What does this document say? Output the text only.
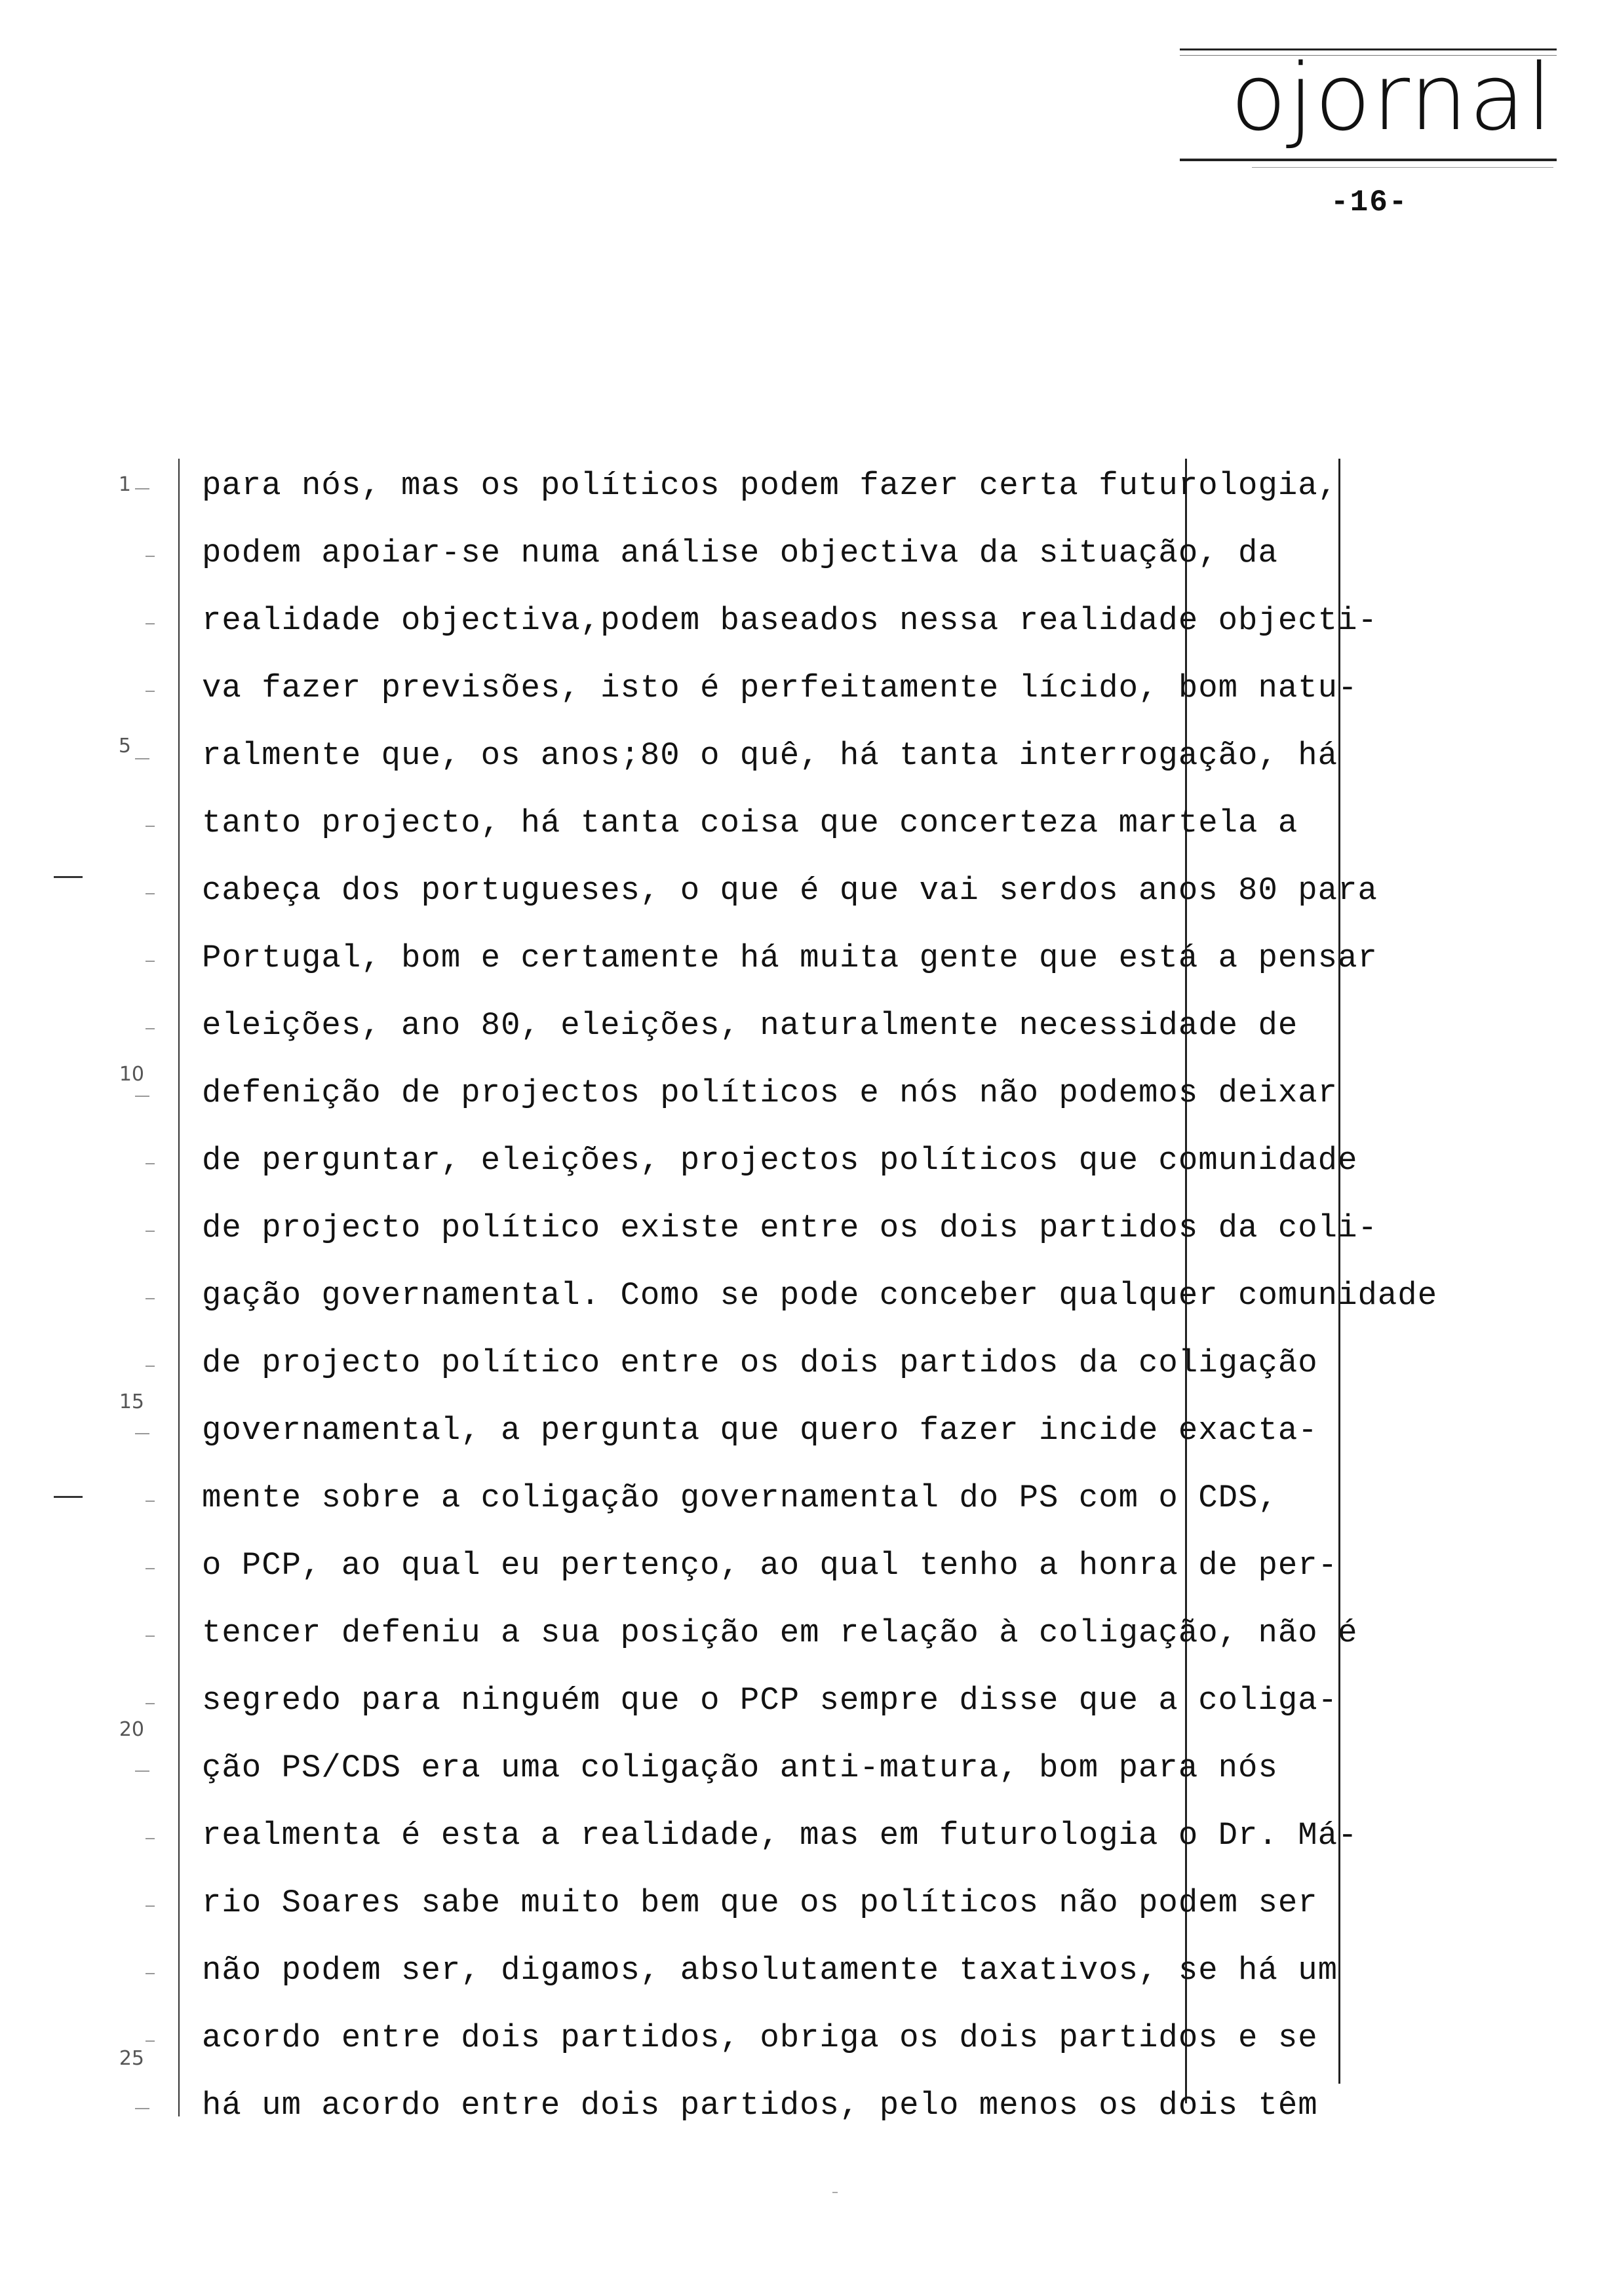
ojornal
-16-
1
5
10
15
20
25
para nós, mas os políticos podem fazer certa futurologia,
podem apoiar-se numa análise objectiva da situação, da
realidade objectiva,podem baseados nessa realidade objecti-
va fazer previsões, isto é perfeitamente lícido, bom natu-
ralmente que, os anos;80 o quê, há tanta interrogação, há
tanto projecto, há tanta coisa que concerteza martela a
cabeça dos portugueses, o que é que vai serdos anos 80 para
Portugal, bom e certamente há muita gente que está a pensar
eleições, ano 80, eleições, naturalmente necessidade de
defenição de projectos políticos e nós não podemos deixar
de perguntar, eleições, projectos políticos que comunidade
de projecto político existe entre os dois partidos da coli-
gação governamental. Como se pode conceber qualquer comunidade
de projecto político entre os dois partidos da coligação
governamental, a pergunta que quero fazer incide exacta-
mente sobre a coligação governamental do PS com o CDS,
o PCP, ao qual eu pertenço, ao qual tenho a honra de per-
tencer defeniu a sua posição em relação à coligação, não é
segredo para ninguém que o PCP sempre disse que a coliga-
ção PS/CDS era uma coligação anti-matura, bom para nós
realmenta é esta a realidade, mas em futurologia o Dr. Má-
rio Soares sabe muito bem que os políticos não podem ser
não podem ser, digamos, absolutamente taxativos, se há um
acordo entre dois partidos, obriga os dois partidos e se
há um acordo entre dois partidos, pelo menos os dois têm
